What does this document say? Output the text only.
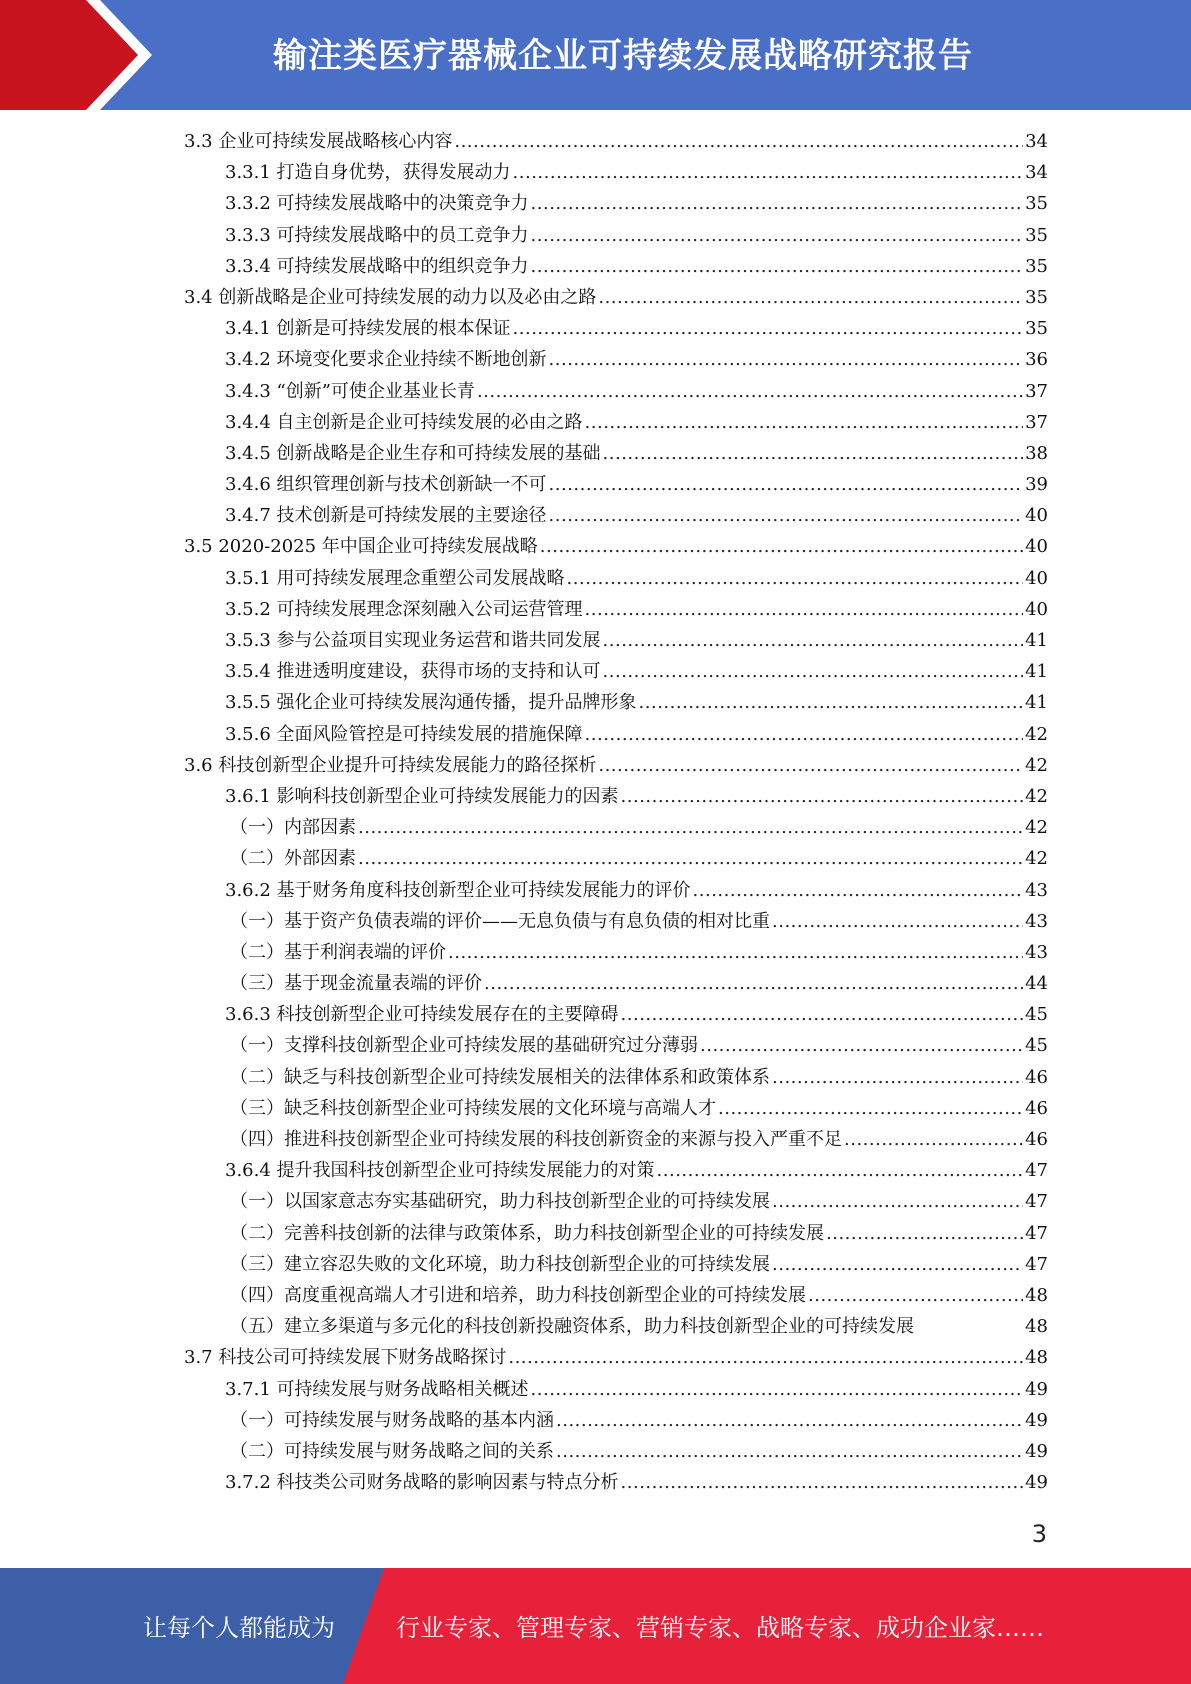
输注类医疗器械企业可持续发展战略研究报告
3.3 企业可持续发展战略核心内容 .....	34
3.3.1 打造自身优势，获得发展动力 .....	34
3.3.2 可持续发展战略中的决策竞争力 .....	35
3.3.3 可持续发展战略中的员工竞争力 .....	35
3.3.4 可持续发展战略中的组织竞争力 .....	35
3.4 创新战略是企业可持续发展的动力以及必由之路 .....	35
3.4.1 创新是可持续发展的根本保证 .....	35
3.4.2 环境变化要求企业持续不断地创新 .....	36
3.4.3 “创新”可使企业基业长青 .....	37
3.4.4 自主创新是企业可持续发展的必由之路 .....	37
3.4.5 创新战略是企业生存和可持续发展的基础 .....	38
3.4.6 组织管理创新与技术创新缺一不可 .....	39
3.4.7 技术创新是可持续发展的主要途径 .....	40
3.5 2020-2025 年中国企业可持续发展战略 .....	40
3.5.1 用可持续发展理念重塑公司发展战略 .....	40
3.5.2 可持续发展理念深刻融入公司运营管理 .....	40
3.5.3 参与公益项目实现业务运营和谐共同发展 .....	41
3.5.4 推进透明度建设，获得市场的支持和认可 .....	41
3.5.5 强化企业可持续发展沟通传播，提升品牌形象 .....	41
3.5.6 全面风险管控是可持续发展的措施保障 .....	42
3.6 科技创新型企业提升可持续发展能力的路径探析 .....	42
3.6.1 影响科技创新型企业可持续发展能力的因素 .....	42
（一）内部因素 .....	42
（二）外部因素 .....	42
3.6.2 基于财务角度科技创新型企业可持续发展能力的评价 .....	43
（一）基于资产负债表端的评价——无息负债与有息负债的相对比重 .....	43
（二）基于利润表端的评价 .....	43
（三）基于现金流量表端的评价 .....	44
3.6.3 科技创新型企业可持续发展存在的主要障碍 .....	45
（一）支撑科技创新型企业可持续发展的基础研究过分薄弱 .....	45
（二）缺乏与科技创新型企业可持续发展相关的法律体系和政策体系 .....	46
（三）缺乏科技创新型企业可持续发展的文化环境与高端人才 .....	46
（四）推进科技创新型企业可持续发展的科技创新资金的来源与投入严重不足 .....	46
3.6.4 提升我国科技创新型企业可持续发展能力的对策 .....	47
（一）以国家意志夯实基础研究，助力科技创新型企业的可持续发展 .....	47
（二）完善科技创新的法律与政策体系，助力科技创新型企业的可持续发展 .....	47
（三）建立容忍失败的文化环境，助力科技创新型企业的可持续发展 .....	47
（四）高度重视高端人才引进和培养，助力科技创新型企业的可持续发展 .....	48
（五）建立多渠道与多元化的科技创新投融资体系，助力科技创新型企业的可持续发展	48
3.7 科技公司可持续发展下财务战略探讨 .....	48
3.7.1 可持续发展与财务战略相关概述 .....	49
（一）可持续发展与财务战略的基本内涵 .....	49
（二）可持续发展与财务战略之间的关系 .....	49
3.7.2 科技类公司财务战略的影响因素与特点分析 .....	49
3
让每个人都能成为	行业专家、管理专家、营销专家、战略专家、成功企业家……
